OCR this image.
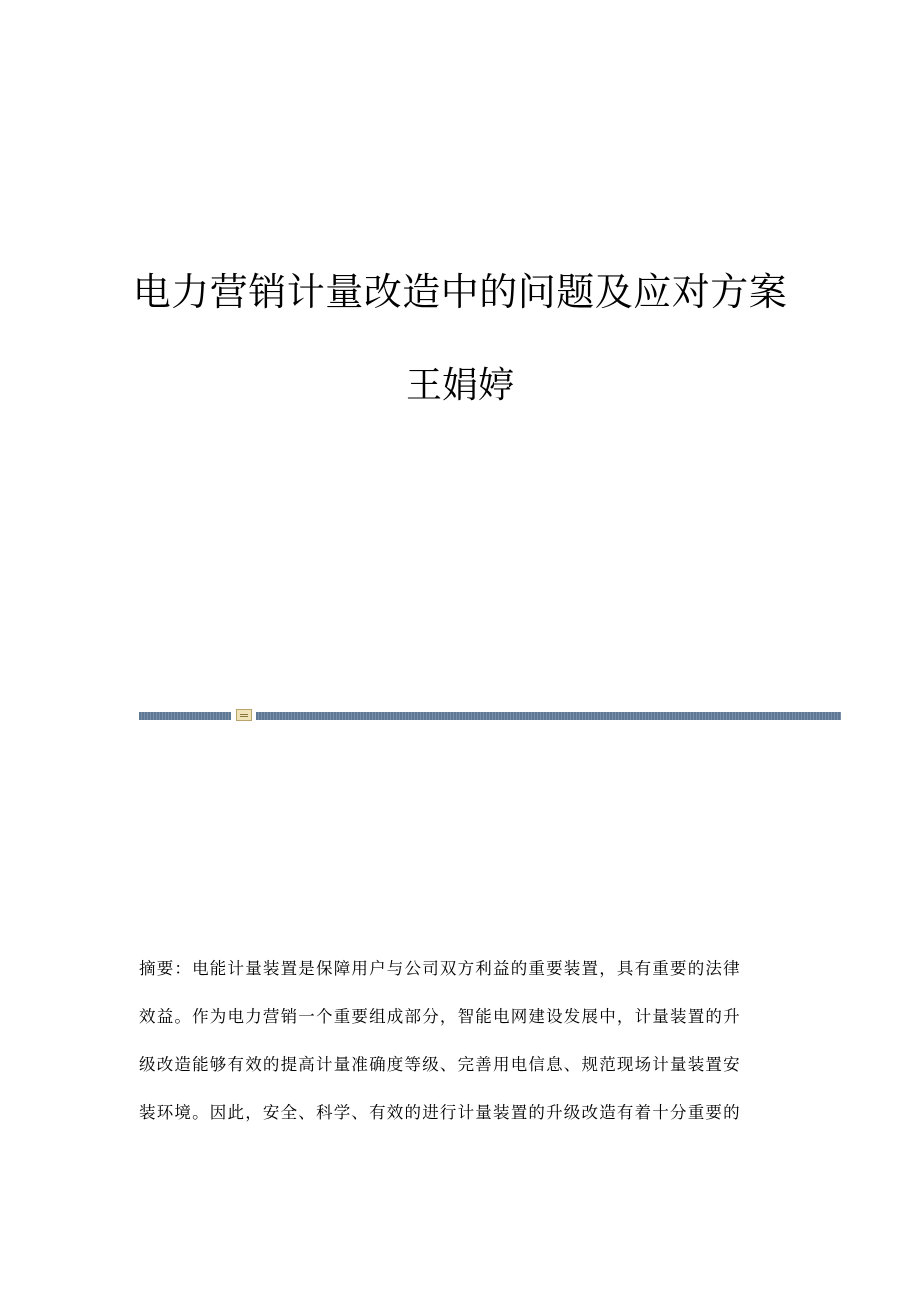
电力营销计量改造中的问题及应对方案
王娟婷
摘要：电能计量装置是保障用户与公司双方利益的重要装置，具有重要的法律
效益。作为电力营销一个重要组成部分，智能电网建设发展中，计量装置的升
级改造能够有效的提高计量准确度等级、完善用电信息、规范现场计量装置安
装环境。因此，安全、科学、有效的进行计量装置的升级改造有着十分重要的
